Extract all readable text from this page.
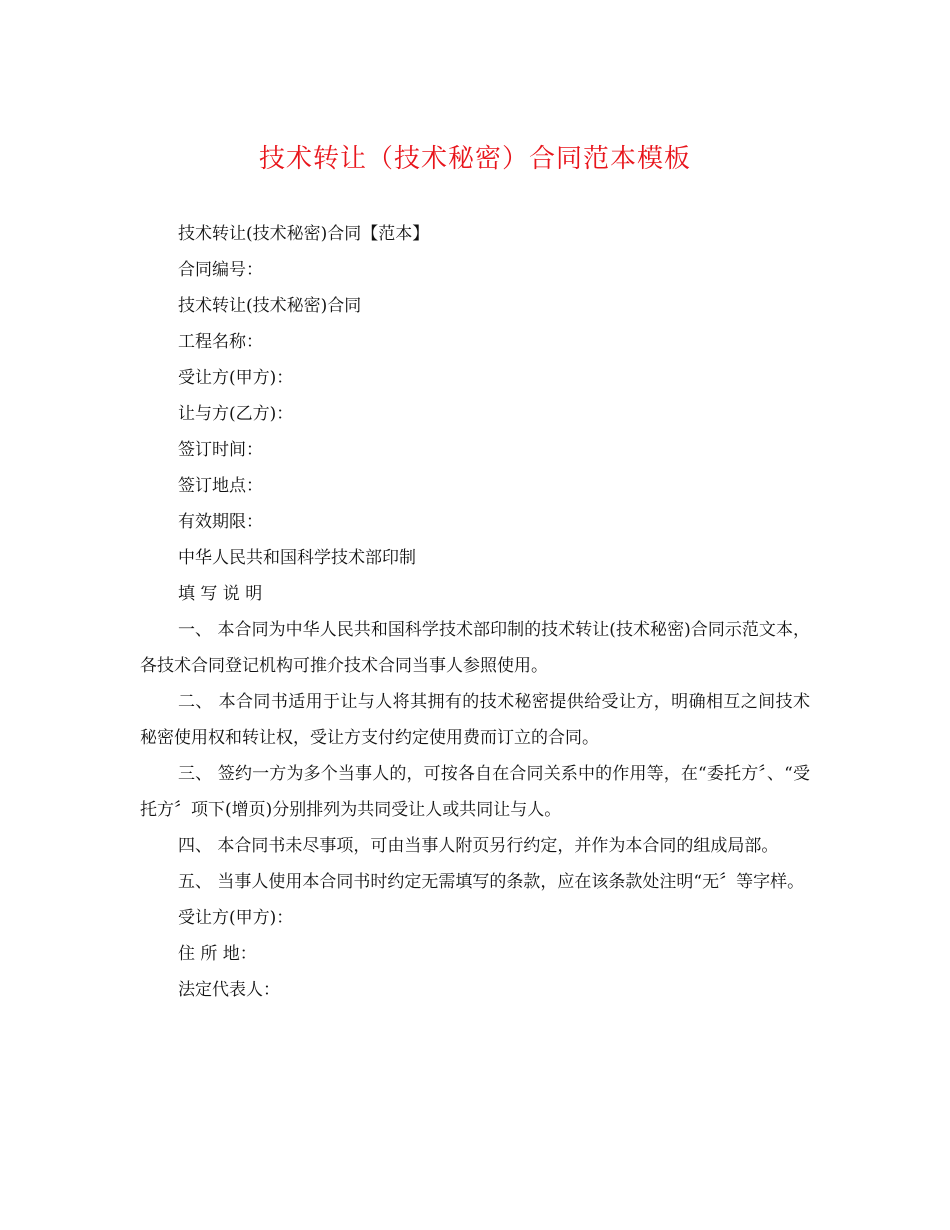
技术转让（技术秘密）合同范本模板

技术转让(技术秘密)合同【范本】

合同编号：

技术转让(技术秘密)合同

工程名称：

受让方(甲方)：

让与方(乙方)：

签订时间：

签订地点：

有效期限：

中华人民共和国科学技术部印制

填 写 说 明

一、 本合同为中华人民共和国科学技术部印制的技术转让(技术秘密)合同示范文本，各技术合同登记机构可推介技术合同当事人参照使用。

二、 本合同书适用于让与人将其拥有的技术秘密提供给受让方，明确相互之间技术秘密使用权和转让权，受让方支付约定使用费而订立的合同。

三、 签约一方为多个当事人的，可按各自在合同关系中的作用等，在“委托方〞、“受托方〞项下(增页)分别排列为共同受让人或共同让与人。

四、 本合同书未尽事项，可由当事人附页另行约定，并作为本合同的组成局部。

五、 当事人使用本合同书时约定无需填写的条款，应在该条款处注明“无〞等字样。

受让方(甲方)：

住 所 地：

法定代表人：
